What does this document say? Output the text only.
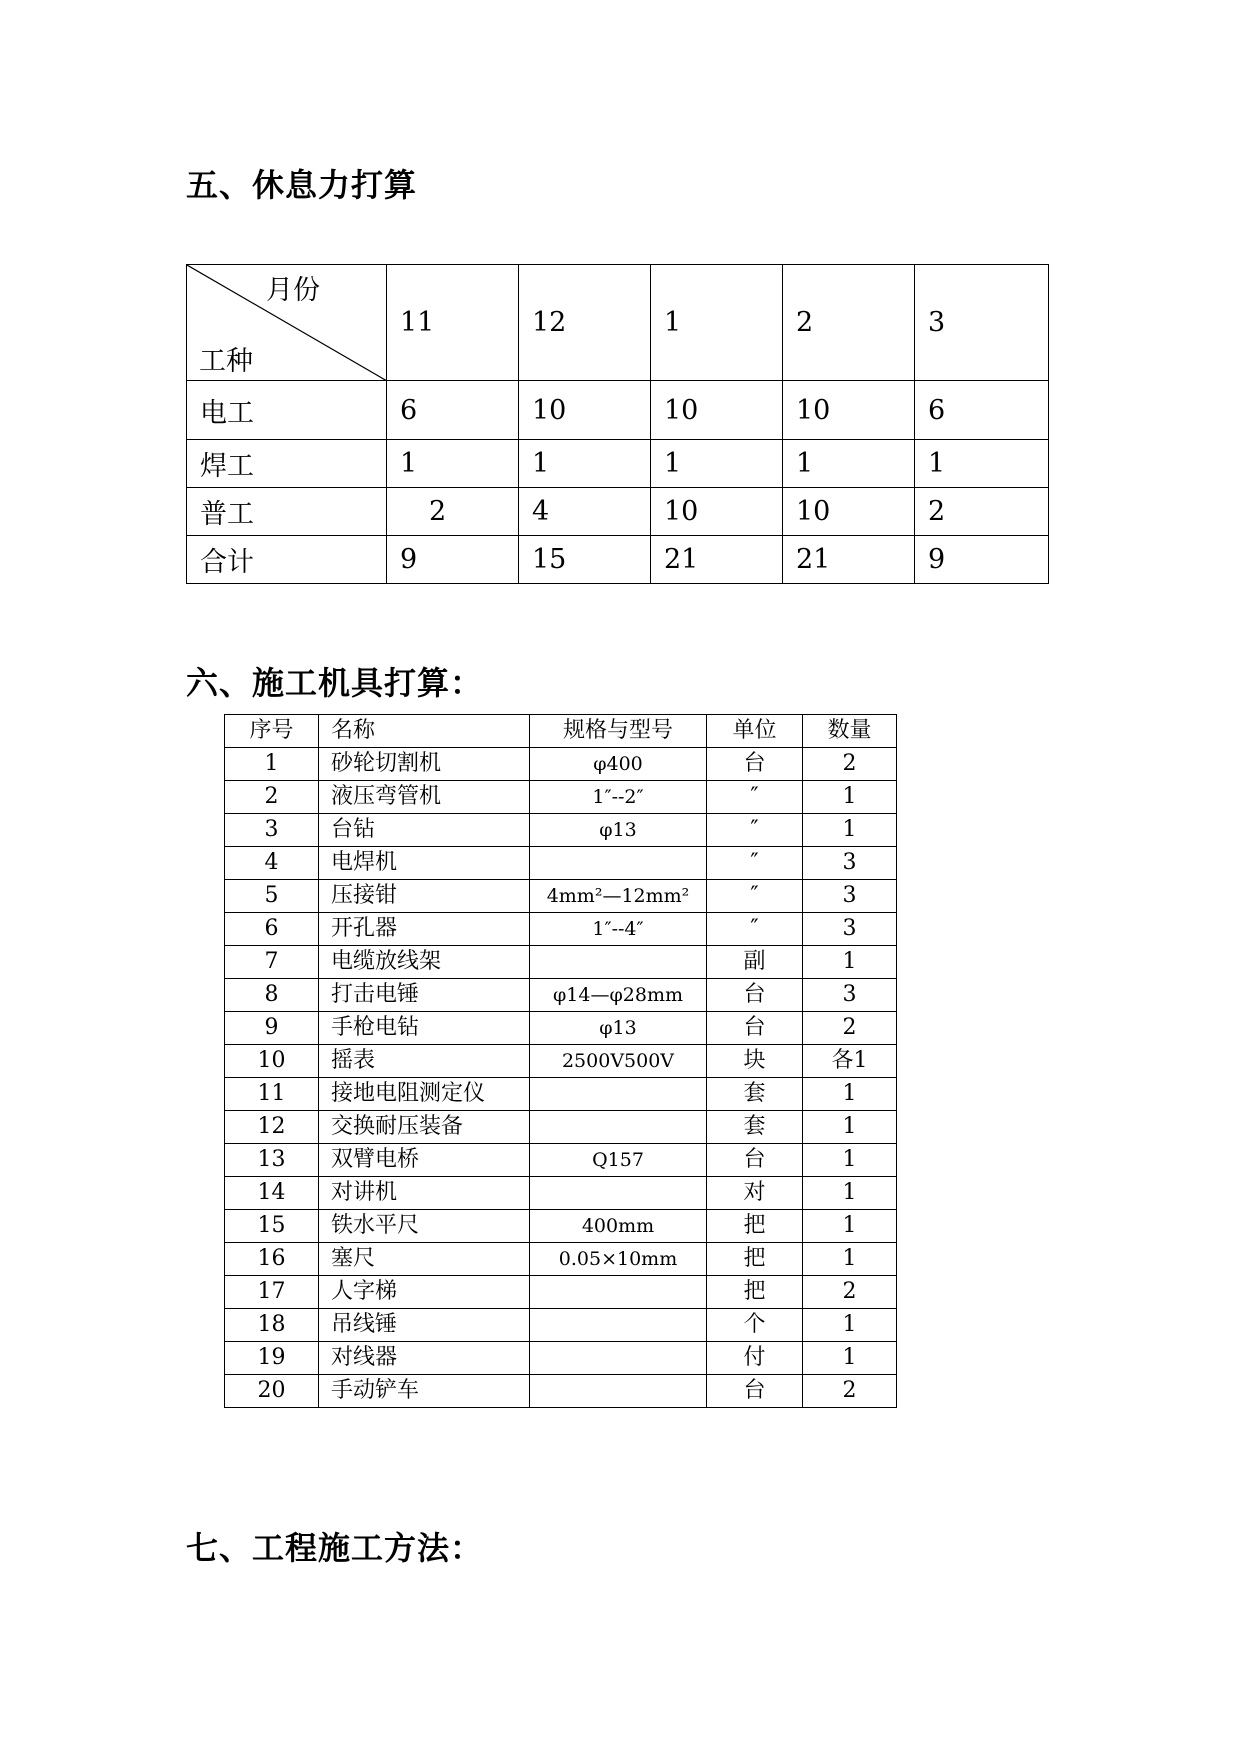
五、休息力打算
月份
工种	11	12	1	2	3
电工	6	10	10	10	6
焊工	1	1	1	1	1
普工	2	4	10	10	2
合计	9	15	21	21	9
六、施工机具打算：
序号	名称	规格与型号	单位	数量
1	砂轮切割机	φ400	台	2
2	液压弯管机	1″--2″	″	1
3	台钻	φ13	″	1
4	电焊机		″	3
5	压接钳	4mm²—12mm²	″	3
6	开孔器	1″--4″	″	3
7	电缆放线架		副	1
8	打击电锤	φ14—φ28mm	台	3
9	手枪电钻	φ13	台	2
10	摇表	2500V500V	块	各1
11	接地电阻测定仪		套	1
12	交换耐压装备		套	1
13	双臂电桥	Q157	台	1
14	对讲机		对	1
15	铁水平尺	400mm	把	1
16	塞尺	0.05×10mm	把	1
17	人字梯		把	2
18	吊线锤		个	1
19	对线器		付	1
20	手动铲车		台	2
七、工程施工方法：
